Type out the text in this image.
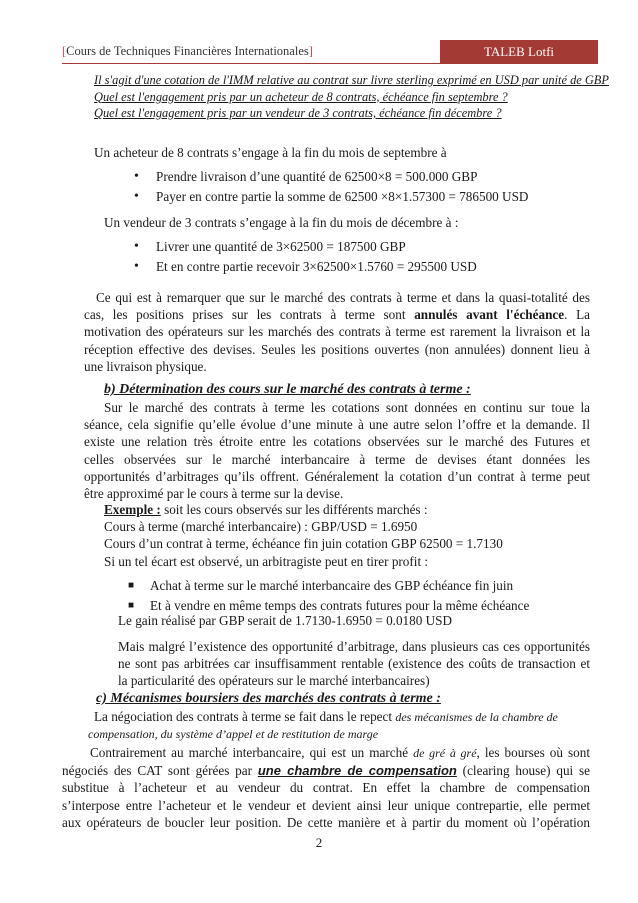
[Cours de Techniques Financières Internationales]	TALEB Lotfi
Il s'agit d'une cotation de l'IMM relative au contrat sur livre sterling exprimé en USD par unité de GBP
Quel est l'engagement pris par un acheteur de 8 contrats, échéance fin septembre ?
Quel est l'engagement pris par un vendeur de 3 contrats, échéance fin décembre ?
Un acheteur de 8 contrats s’engage à la fin du mois de septembre à
• Prendre livraison d’une quantité de 62500×8 = 500.000 GBP
• Payer en contre partie la somme de 62500 ×8×1.57300 = 786500 USD
Un vendeur de 3 contrats s’engage à la fin du mois de décembre à :
• Livrer une quantité de 3×62500 = 187500 GBP
• Et en contre partie recevoir 3×62500×1.5760 = 295500 USD
Ce qui est à remarquer que sur le marché des contrats à terme et dans la quasi-totalité des
cas, les positions prises sur les contrats à terme sont annulés avant l'échéance. La
motivation des opérateurs sur les marchés des contrats à terme est rarement la livraison et la
réception effective des devises. Seules les positions ouvertes (non annulées) donnent lieu à
une livraison physique.
b) Détermination des cours sur le marché des contrats à terme :
Sur le marché des contrats à terme les cotations sont données en continu sur toue la
séance, cela signifie qu’elle évolue d’une minute à une autre selon l’offre et la demande. Il
existe une relation très étroite entre les cotations observées sur le marché des Futures et
celles observées sur le marché interbancaire à terme de devises étant données les
opportunités d’arbitrages qu’ils offrent. Généralement la cotation d’un contrat à terme peut
être approximé par le cours à terme sur la devise.
Exemple : soit les cours observés sur les différents marchés :
Cours à terme (marché interbancaire) : GBP/USD = 1.6950
Cours d’un contrat à terme, échéance fin juin cotation GBP 62500 = 1.7130
Si un tel écart est observé, un arbitragiste peut en tirer profit :
■ Achat à terme sur le marché interbancaire des GBP échéance fin juin
■ Et à vendre en même temps des contrats futures pour la même échéance
Le gain réalisé par GBP serait de 1.7130-1.6950 = 0.0180 USD
Mais malgré l’existence des opportunité d’arbitrage, dans plusieurs cas ces opportunités
ne sont pas arbitrées car insuffisamment rentable (existence des coûts de transaction et
la particularité des opérateurs sur le marché interbancaires)
c) Mécanismes boursiers des marchés des contrats à terme :
La négociation des contrats à terme se fait dans le repect des mécanismes de la chambre de
compensation, du système d’appel et de restitution de marge
Contrairement au marché interbancaire, qui est un marché de gré à gré, les bourses où sont
négociés des CAT sont gérées par une chambre de compensation (clearing house) qui se
substitue à l’acheteur et au vendeur du contrat. En effet la chambre de compensation
s’interpose entre l’acheteur et le vendeur et devient ainsi leur unique contrepartie, elle permet
aux opérateurs de boucler leur position. De cette manière et à partir du moment où l’opération
2
